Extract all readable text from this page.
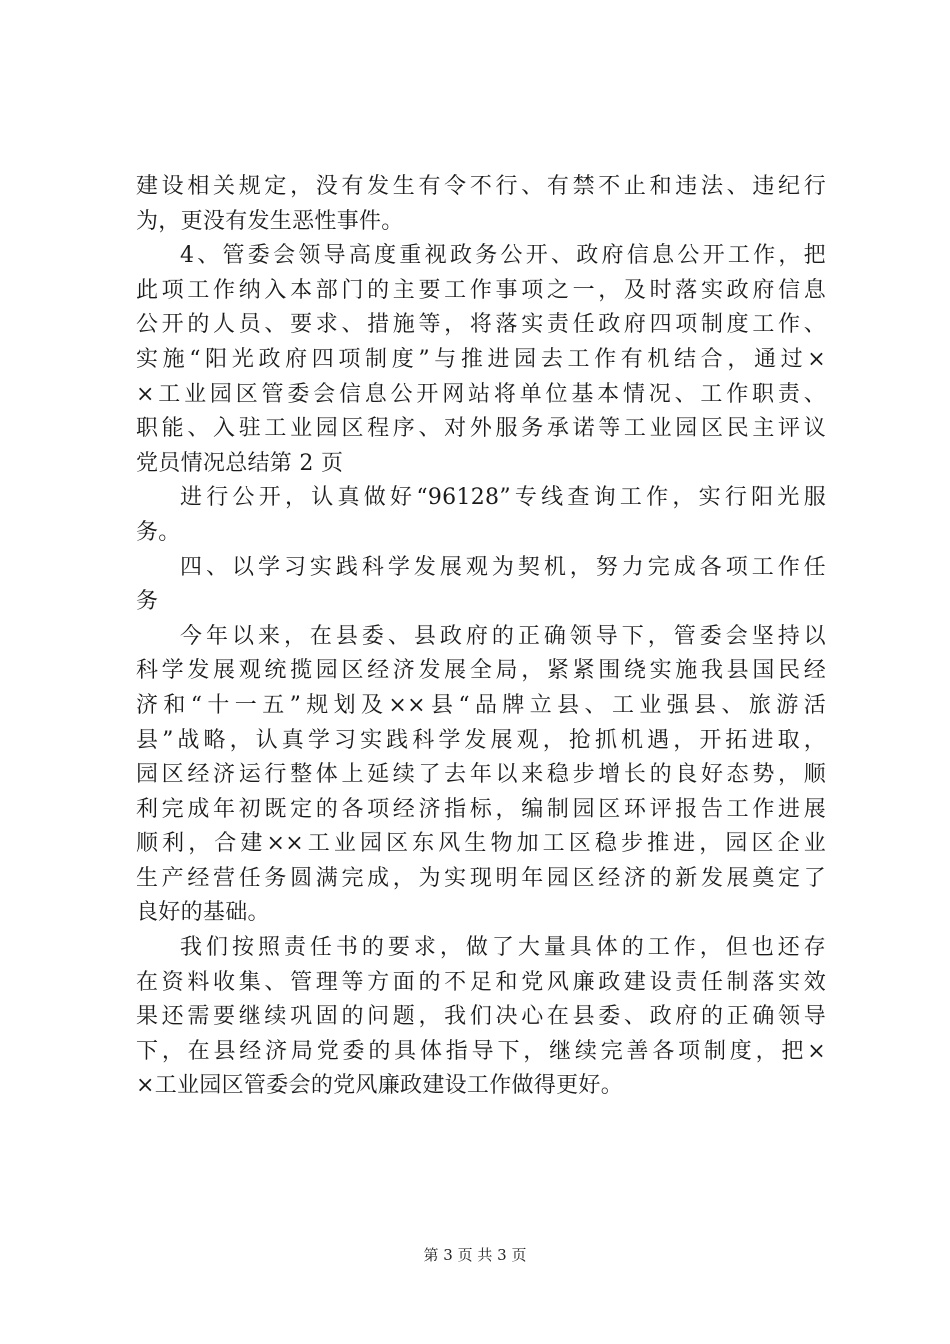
建设相关规定，没有发生有令不行、有禁不止和违法、违纪行
为，更没有发生恶性事件。
4、管委会领导高度重视政务公开、政府信息公开工作，把
此项工作纳入本部门的主要工作事项之一，及时落实政府信息
公开的人员、要求、措施等，将落实责任政府四项制度工作、
实施“阳光政府四项制度”与推进园去工作有机结合，通过×
×工业园区管委会信息公开网站将单位基本情况、工作职责、
职能、入驻工业园区程序、对外服务承诺等工业园区民主评议
党员情况总结第 2 页
进行公开，认真做好“96128”专线查询工作，实行阳光服
务。
四、以学习实践科学发展观为契机，努力完成各项工作任
务
今年以来，在县委、县政府的正确领导下，管委会坚持以
科学发展观统揽园区经济发展全局，紧紧围绕实施我县国民经
济和“十一五”规划及××县“品牌立县、工业强县、旅游活
县”战略，认真学习实践科学发展观，抢抓机遇，开拓进取，
园区经济运行整体上延续了去年以来稳步增长的良好态势，顺
利完成年初既定的各项经济指标，编制园区环评报告工作进展
顺利，合建××工业园区东风生物加工区稳步推进，园区企业
生产经营任务圆满完成，为实现明年园区经济的新发展奠定了
良好的基础。
我们按照责任书的要求，做了大量具体的工作，但也还存
在资料收集、管理等方面的不足和党风廉政建设责任制落实效
果还需要继续巩固的问题，我们决心在县委、政府的正确领导
下，在县经济局党委的具体指导下，继续完善各项制度，把×
×工业园区管委会的党风廉政建设工作做得更好。
第 3 页 共 3 页
